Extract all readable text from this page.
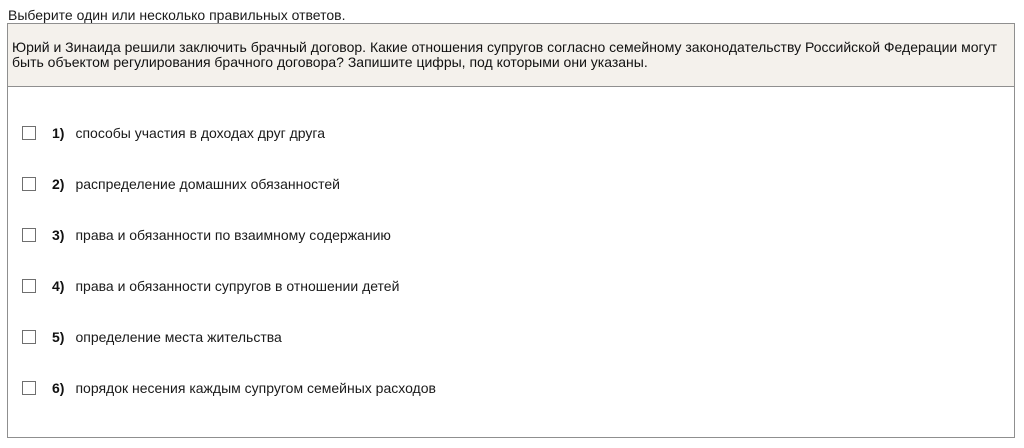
Выберите один или несколько правильных ответов.
Юрий и Зинаида решили заключить брачный договор. Какие отношения супругов согласно семейному законодательству Российской Федерации могут быть объектом регулирования брачного договора? Запишите цифры, под которыми они указаны.
1) способы участия в доходах друг друга
2) распределение домашних обязанностей
3) права и обязанности по взаимному содержанию
4) права и обязанности супругов в отношении детей
5) определение места жительства
6) порядок несения каждым супругом семейных расходов
